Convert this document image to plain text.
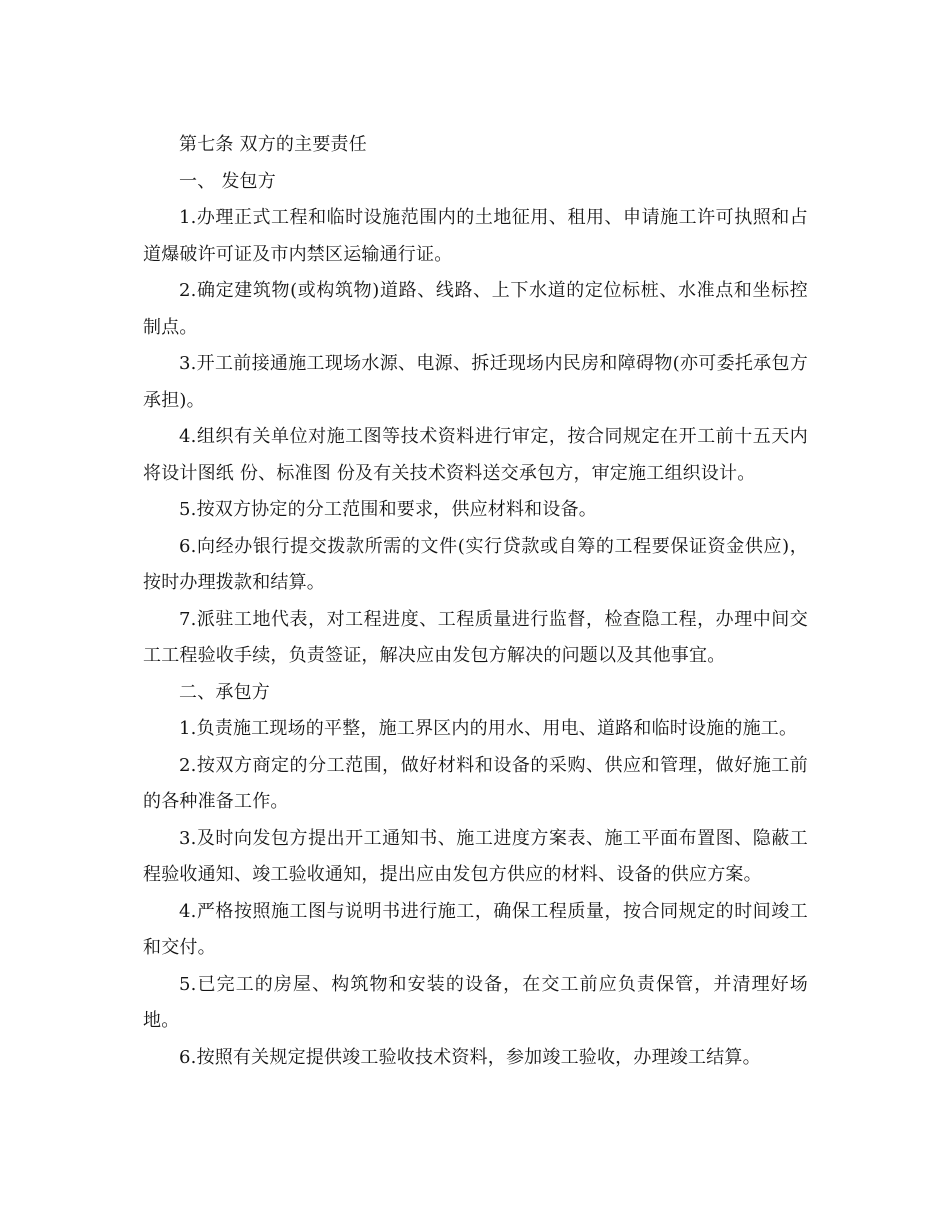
第七条 双方的主要责任

一、 发包方

1.办理正式工程和临时设施范围内的土地征用、租用、申请施工许可执照和占道爆破许可证及市内禁区运输通行证。

2.确定建筑物(或构筑物)道路、线路、上下水道的定位标桩、水准点和坐标控制点。

3.开工前接通施工现场水源、电源、拆迁现场内民房和障碍物(亦可委托承包方承担)。

4.组织有关单位对施工图等技术资料进行审定，按合同规定在开工前十五天内将设计图纸 份、标准图 份及有关技术资料送交承包方，审定施工组织设计。

5.按双方协定的分工范围和要求，供应材料和设备。

6.向经办银行提交拨款所需的文件(实行贷款或自筹的工程要保证资金供应)，按时办理拨款和结算。

7.派驻工地代表，对工程进度、工程质量进行监督，检查隐工程，办理中间交工工程验收手续，负责签证，解决应由发包方解决的问题以及其他事宜。

二、承包方

1.负责施工现场的平整，施工界区内的用水、用电、道路和临时设施的施工。

2.按双方商定的分工范围，做好材料和设备的采购、供应和管理，做好施工前的各种准备工作。

3.及时向发包方提出开工通知书、施工进度方案表、施工平面布置图、隐蔽工程验收通知、竣工验收通知，提出应由发包方供应的材料、设备的供应方案。

4.严格按照施工图与说明书进行施工，确保工程质量，按合同规定的时间竣工和交付。

5.已完工的房屋、构筑物和安装的设备，在交工前应负责保管，并清理好场地。

6.按照有关规定提供竣工验收技术资料，参加竣工验收，办理竣工结算。
